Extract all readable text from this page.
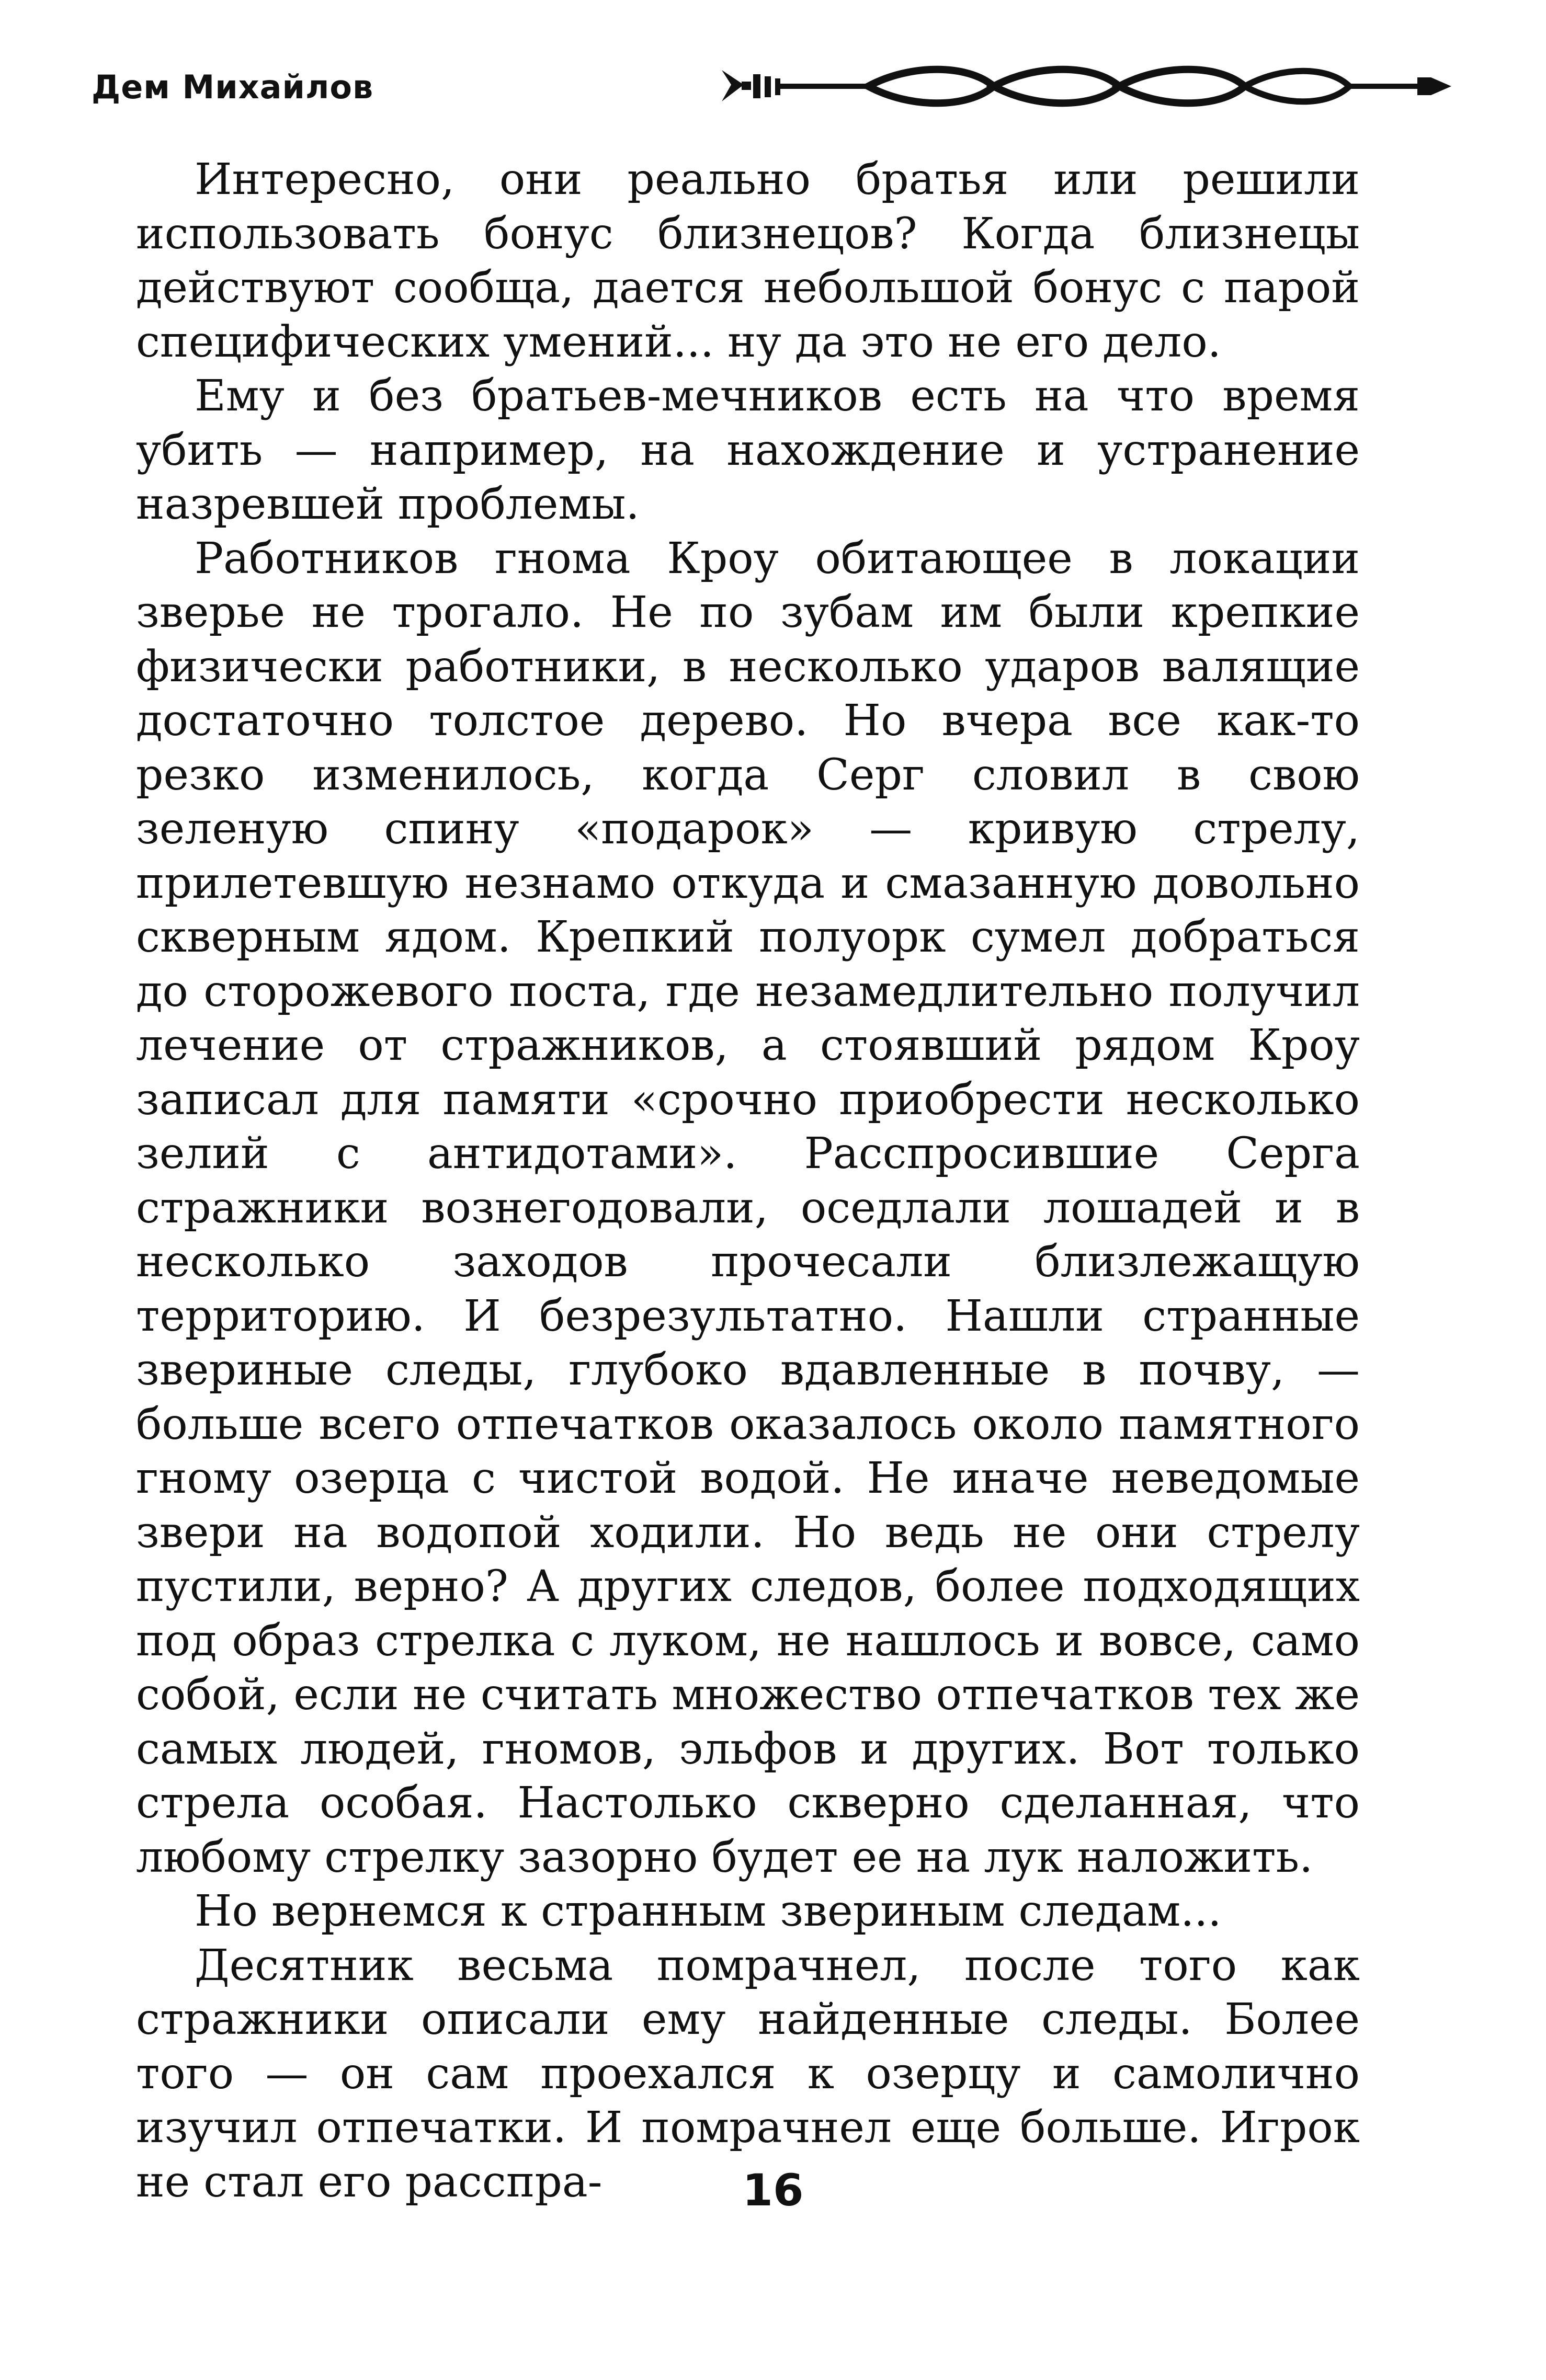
Дем Михайлов

Интересно, они реально братья или решили использовать бонус близнецов? Когда близнецы действуют сообща, дается небольшой бонус с парой специфических умений... ну да это не его дело.

Ему и без братьев-мечников есть на что время убить — например, на нахождение и устранение назревшей проблемы.

Работников гнома Кроу обитающее в локации зверье не трогало. Не по зубам им были крепкие физически работники, в несколько ударов валящие достаточно толстое дерево. Но вчера все как-то резко изменилось, когда Серг словил в свою зеленую спину «подарок» — кривую стрелу, прилетевшую незнамо откуда и смазанную довольно скверным ядом. Крепкий полуорк сумел добраться до сторожевого поста, где незамедлительно получил лечение от стражников, а стоявший рядом Кроу записал для памяти «срочно приобрести несколько зелий с антидотами». Расспросившие Серга стражники вознегодовали, оседлали лошадей и в несколько заходов прочесали близлежащую территорию. И безрезультатно. Нашли странные звериные следы, глубоко вдавленные в почву, — больше всего отпечатков оказалось около памятного гному озерца с чистой водой. Не иначе неведомые звери на водопой ходили. Но ведь не они стрелу пустили, верно? А других следов, более подходящих под образ стрелка с луком, не нашлось и вовсе, само собой, если не считать множество отпечатков тех же самых людей, гномов, эльфов и других. Вот только стрела особая. Настолько скверно сделанная, что любому стрелку зазорно будет ее на лук наложить.

Но вернемся к странным звериным следам...

Десятник весьма помрачнел, после того как стражники описали ему найденные следы. Более того — он сам проехался к озерцу и самолично изучил отпечатки. И помрачнел еще больше. Игрок не стал его расспра-	16
